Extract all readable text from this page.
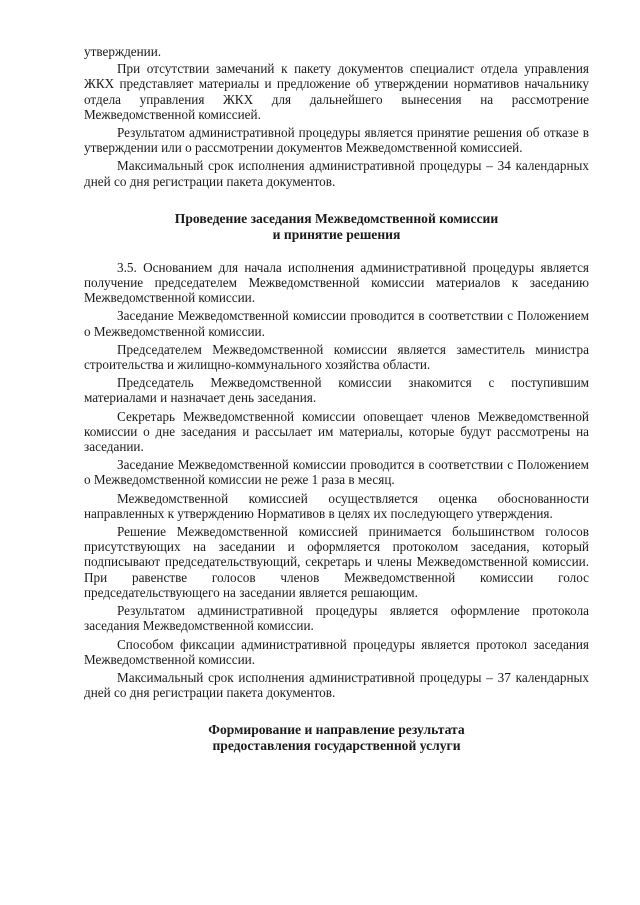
утверждении.

При отсутствии замечаний к пакету документов специалист отдела управления ЖКХ представляет материалы и предложение об утверждении нормативов начальнику отдела управления ЖКХ для дальнейшего вынесения на рассмотрение Межведомственной комиссией.

Результатом административной процедуры является принятие решения об отказе в утверждении или о рассмотрении документов Межведомственной комиссией.

Максимальный срок исполнения административной процедуры – 34 календарных дней со дня регистрации пакета документов.

Проведение заседания Межведомственной комиссии
и принятие решения

3.5. Основанием для начала исполнения административной процедуры является получение председателем Межведомственной комиссии материалов к заседанию Межведомственной комиссии.

Заседание Межведомственной комиссии проводится в соответствии с Положением о Межведомственной комиссии.

Председателем Межведомственной комиссии является заместитель министра строительства и жилищно-коммунального хозяйства области.

Председатель Межведомственной комиссии знакомится с поступившим материалами и назначает день заседания.

Секретарь Межведомственной комиссии оповещает членов Межведомственной комиссии о дне заседания и рассылает им материалы, которые будут рассмотрены на заседании.

Заседание Межведомственной комиссии проводится в соответствии с Положением о Межведомственной комиссии не реже 1 раза в месяц.

Межведомственной комиссией осуществляется оценка обоснованности направленных к утверждению Нормативов в целях их последующего утверждения.

Решение Межведомственной комиссией принимается большинством голосов присутствующих на заседании и оформляется протоколом заседания, который подписывают председательствующий, секретарь и члены Межведомственной комиссии. При равенстве голосов членов Межведомственной комиссии голос председательствующего на заседании является решающим.

Результатом административной процедуры является оформление протокола заседания Межведомственной комиссии.

Способом фиксации административной процедуры является протокол заседания Межведомственной комиссии.

Максимальный срок исполнения административной процедуры – 37 календарных дней со дня регистрации пакета документов.

Формирование и направление результата
предоставления государственной услуги
